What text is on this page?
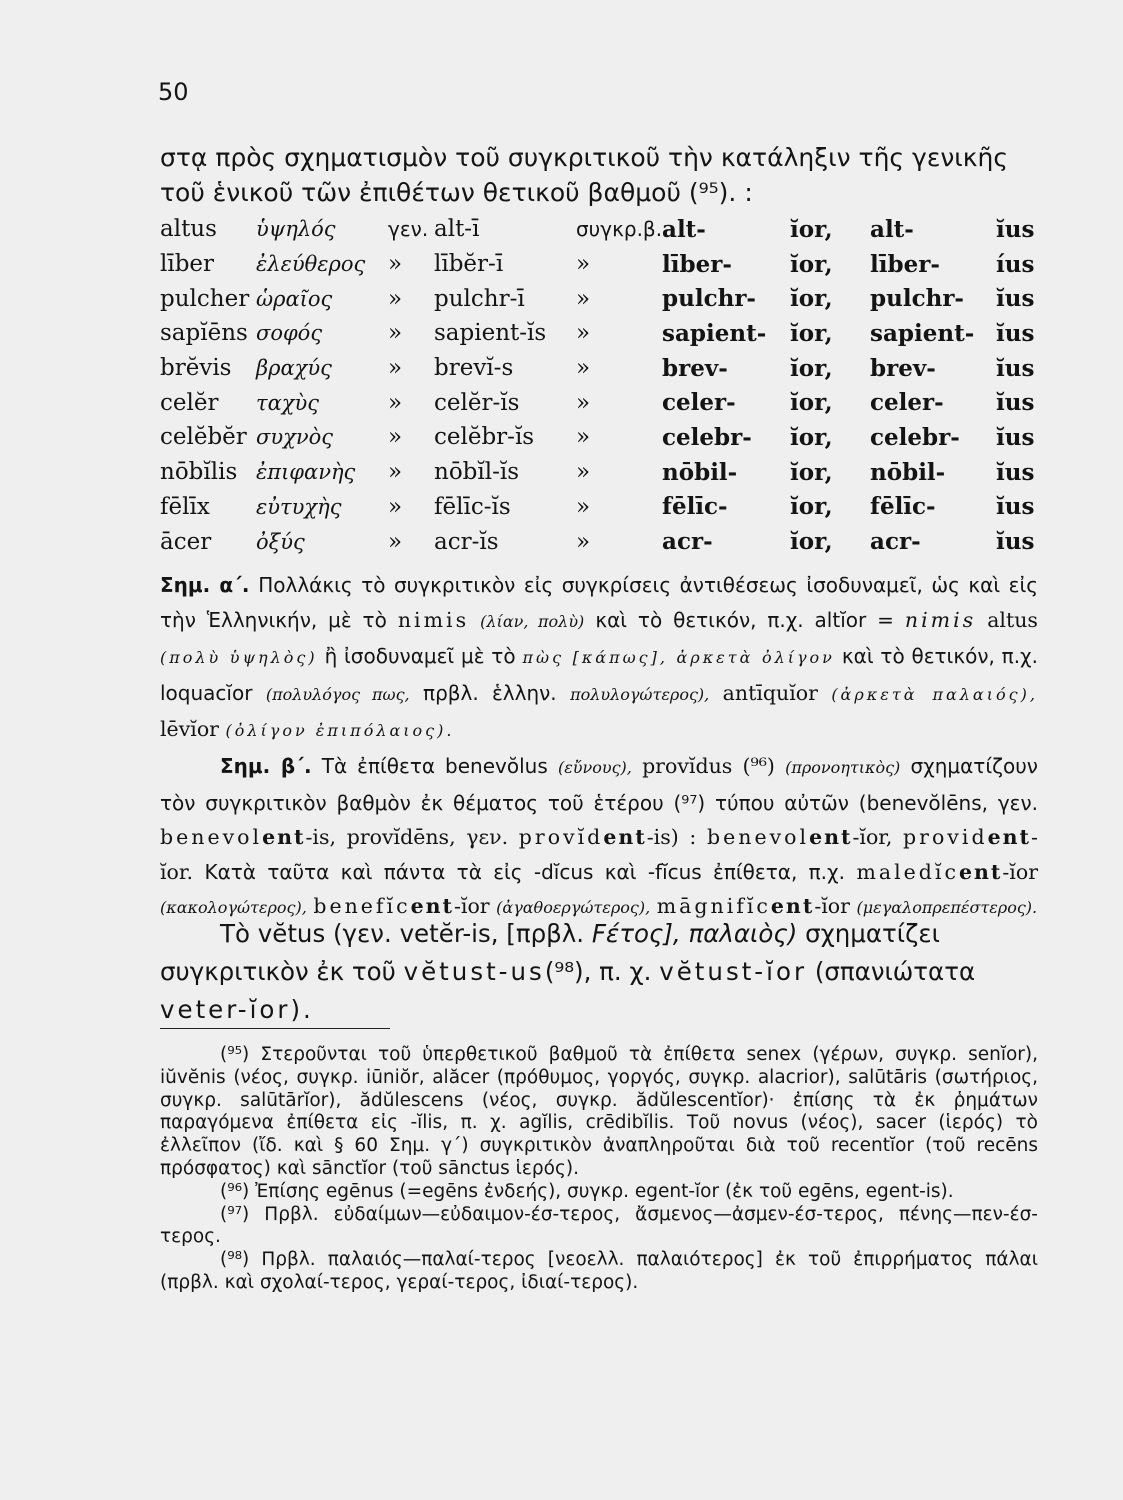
50

στᾳ πρὸς σχηματισμὸν τοῦ συγκριτικοῦ τὴν κατάληξιν τῆς γενικῆς τοῦ ἑνικοῦ τῶν ἐπιθέτων θετικοῦ βαθμοῦ (⁹⁵). :

altus	ὑψηλός	γεν.	alt-ī	συγκρ.β.	alt-	ĭor,	alt-	ĭus
līber	ἐλεύθερος	»	lībĕr-ī	»	līber-	ĭor,	līber-	íus
pulcher	ὡραῖος	»	pulchr-ī	»	pulchr-	ĭor,	pulchr-	ĭus
sapĭēns	σοφός	»	sapient-ĭs	»	sapient-	ĭor,	sapient-	ĭus
brĕvis	βραχύς	»	brevĭ-s	»	brev-	ĭor,	brev-	ĭus
celĕr	ταχὺς	»	celĕr-ĭs	»	celer-	ĭor,	celer-	ĭus
celĕbĕr	συχνὸς	»	celĕbr-ĭs	»	celebr-	ĭor,	celebr-	ĭus
nōbĭlis	ἐπιφανὴς	»	nōbĭl-ĭs	»	nōbil-	ĭor,	nōbil-	ĭus
fēlīx	εὐτυχὴς	»	fēlīc-ĭs	»	fēlīc-	ĭor,	fēlīc-	ĭus
ācer	ὀξύς	»	acr-ĭs	»	acr-	ĭor,	acr-	ĭus

Σημ. α΄. Πολλάκις τὸ συγκριτικὸν εἰς συγκρίσεις ἀντιθέσεως ἰσοδυναμεῖ, ὡς καὶ εἰς τὴν Ἑλληνικήν, μὲ τὸ nimis (λίαν, πολὺ) καὶ τὸ θετικόν, π.χ. altĭor = nimis altus (πολὺ ὑψηλὸς) ἢ ἰσοδυναμεῖ μὲ τὸ πὼς [κάπως], ἀρκετὰ ὀλίγον καὶ τὸ θετικόν, π.χ. loquacĭor (πολυλόγος πως, πρβλ. ἑλλην. πολυλογώτερος), antīquĭor (ἀρκετὰ παλαιός), lēvĭor (ὀλίγον ἐπιπόλαιος).

Σημ. β΄. Τὰ ἐπίθετα benevŏlus (εὔνους), provĭdus (⁹⁶) (προνοητικὸς) σχηματίζουν τὸν συγκριτικὸν βαθμὸν ἐκ θέματος τοῦ ἑτέρου (⁹⁷) τύπου αὐτῶν (benevŏlēns, γεν. benevolent-is, provĭdēns, γεν. provĭdent-is) : benevolent-ĭor, provident-ĭor. Κατὰ ταῦτα καὶ πάντα τὰ εἰς -dĭcus καὶ -fĭcus ἐπίθετα, π.χ. maledĭcent-ĭor (κακολογώτερος), benefĭcent-ĭor (ἀγαθοεργώτερος), māgnifĭcent-ĭor (μεγαλοπρεπέστερος).

Τὸ vĕtus (γεν. vetĕr-is, [πρβλ. Ϝέτος], παλαιὸς) σχηματίζει συγκριτικὸν ἐκ τοῦ vĕtust-us(⁹⁸), π. χ. vĕtust-ĭor (σπανιώτατα veter-ĭor).

(⁹⁵) Στεροῦνται τοῦ ὑπερθετικοῦ βαθμοῦ τὰ ἐπίθετα senex (γέρων, συγκρ. senĭor), iŭvĕnis (νέος, συγκρ. iūniŏr, alăcer (πρόθυμος, γοργός, συγκρ. alacrior), salūtāris (σωτήριος, συγκρ. salūtārĭor), ădŭlescens (νέος, συγκρ. ădŭlescentĭor)· ἐπίσης τὰ ἐκ ῥημάτων παραγόμενα ἐπίθετα εἰς -ĭlis, π. χ. agĭlis, crēdibĭlis. Τοῦ novus (νέος), sacer (ἱερός) τὸ ἐλλεῖπον (ἴδ. καὶ § 60 Σημ. γ΄) συγκριτικὸν ἀναπληροῦται διὰ τοῦ recentĭor (τοῦ recēns πρόσφατος) καὶ sānctĭor (τοῦ sānctus ἱερός).

(⁹⁶) Ἐπίσης egēnus (=egēns ἐνδεής), συγκρ. egent-ĭor (ἐκ τοῦ egēns, egent-is).

(⁹⁷) Πρβλ. εὐδαίμων—εὐδαιμον-έσ-τερος, ἄσμενος—ἀσμεν-έσ-τερος, πένης—πεν-έσ-τερος.

(⁹⁸) Πρβλ. παλαιός—παλαί-τερος [νεοελλ. παλαιότερος] ἐκ τοῦ ἐπιρρήματος πάλαι (πρβλ. καὶ σχολαί-τερος, γεραί-τερος, ἰδιαί-τερος).
